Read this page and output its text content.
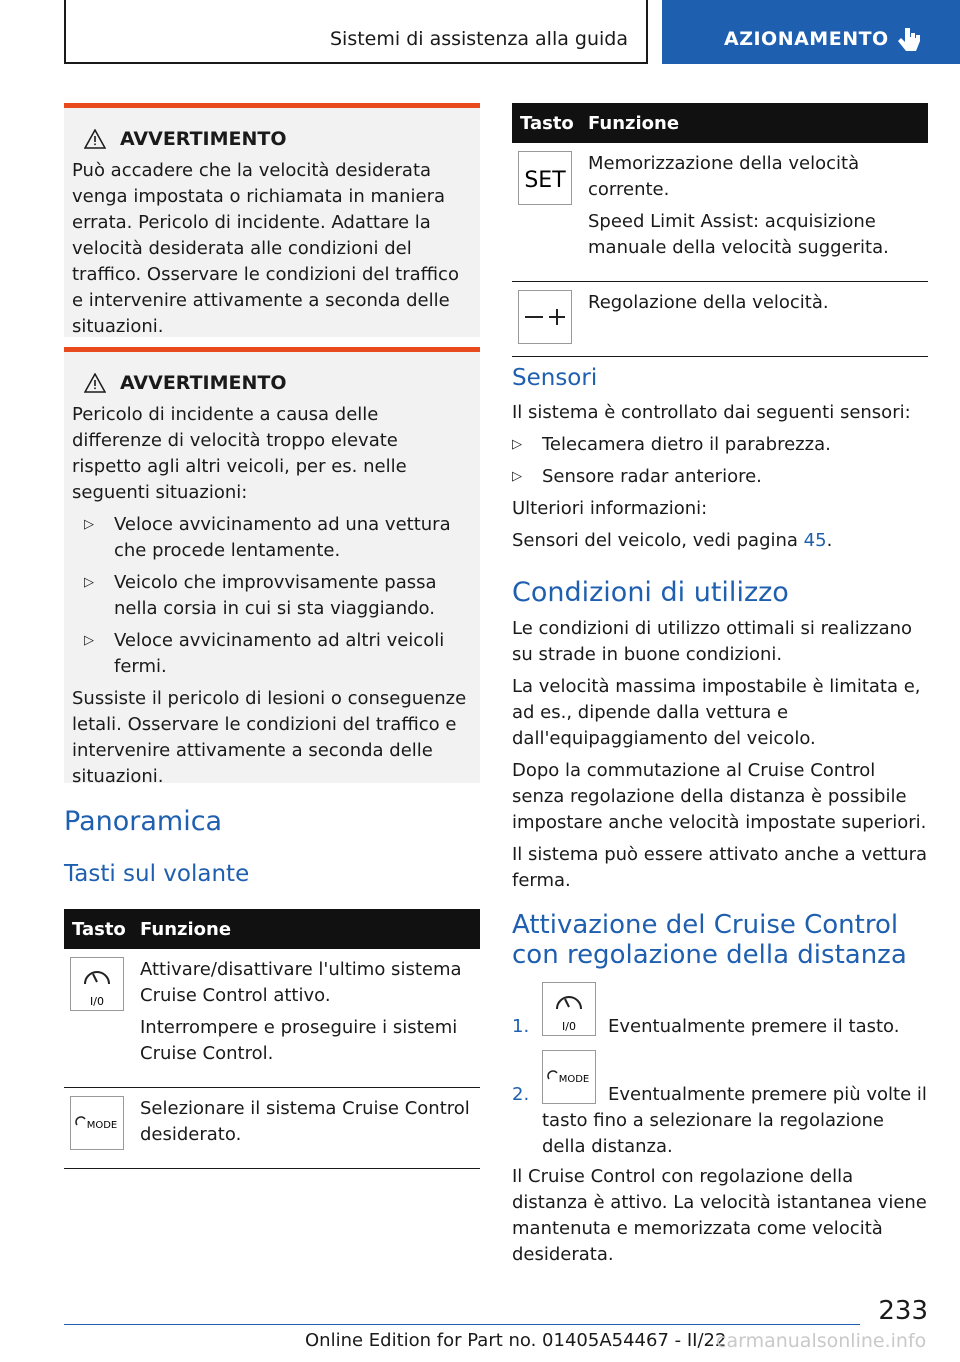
Sistemi di assistenza alla guida	AZIONAMENTO
AVVERTIMENTO

Può accadere che la velocità desiderata venga impostata o richiamata in maniera errata. Pericolo di incidente. Adattare la velocità desiderata alle condizioni del traffico. Osservare le condizioni del traffico e intervenire attivamente a seconda delle situazioni.

AVVERTIMENTO

Pericolo di incidente a causa delle differenze di velocità troppo elevate rispetto agli altri veicoli, per es. nelle seguenti situazioni:

▷ Veloce avvicinamento ad una vettura che procede lentamente.
▷ Veicolo che improvvisamente passa nella corsia in cui si sta viaggiando.
▷ Veloce avvicinamento ad altri veicoli fermi.

Sussiste il pericolo di lesioni o conseguenze letali. Osservare le condizioni del traffico e intervenire attivamente a seconda delle situazioni.

Panoramica
Tasti sul volante
Tasto Funzione
I/0

Attivare/disattivare l'ultimo sistema Cruise Control attivo.

Interrompere e proseguire i sistemi Cruise Control.

MODE

Selezionare il sistema Cruise Control desiderato.

Tasto Funzione
SET

Memorizzazione della velocità corrente.

Speed Limit Assist: acquisizione manuale della velocità suggerita.

Regolazione della velocità.

Sensori

Il sistema è controllato dai seguenti sensori:

▷ Telecamera dietro il parabrezza.
▷ Sensore radar anteriore.

Ulteriori informazioni:

Sensori del veicolo, vedi pagina 45.

Condizioni di utilizzo

Le condizioni di utilizzo ottimali si realizzano su strade in buone condizioni.

La velocità massima impostabile è limitata e, ad es., dipende dalla vettura e dall'equipaggiamento del veicolo.

Dopo la commutazione al Cruise Control senza regolazione della distanza è possibile impostare anche velocità impostate superiori.

Il sistema può essere attivato anche a vettura ferma.

Attivazione del Cruise Control con regolazione della distanza
1.	I/0 Eventualmente premere il tasto.
2.
MODE
Eventualmente premere più volte il tasto fino a selezionare la regolazione della distanza.

Il Cruise Control con regolazione della distanza è attivo. La velocità istantanea viene mantenuta e memorizzata come velocità desiderata.

233
Online Edition for Part no. 01405A54467 - II/22
carmanualsonline.info
